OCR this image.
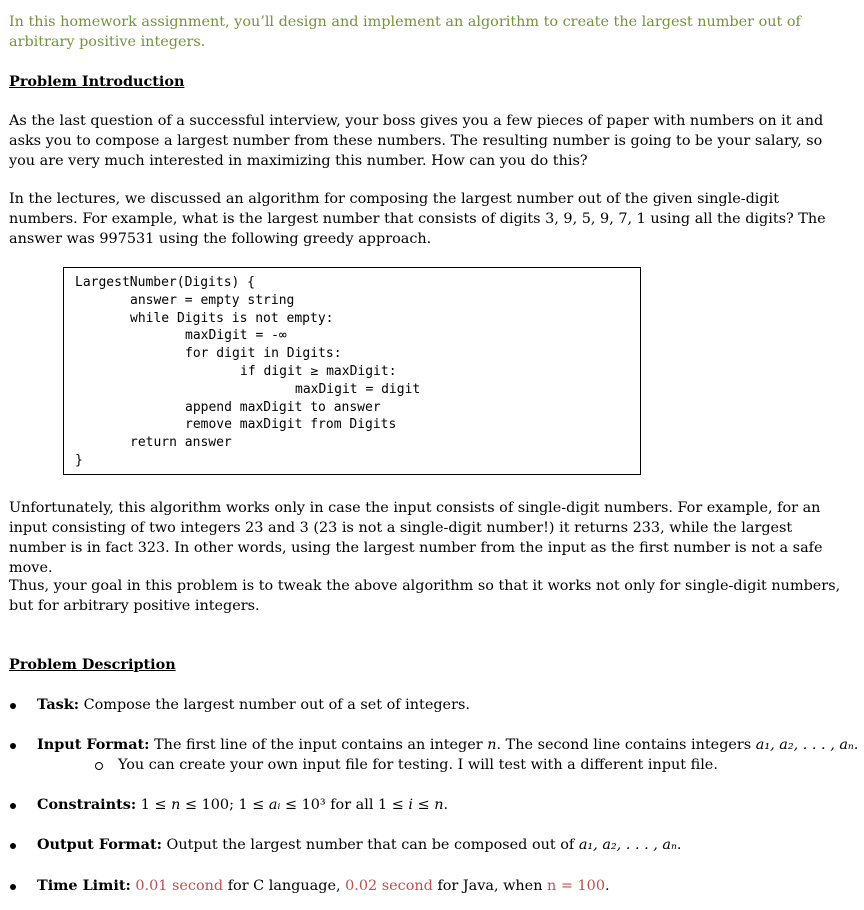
In this homework assignment, you’ll design and implement an algorithm to create the largest number out of arbitrary positive integers.

Problem Introduction

As the last question of a successful interview, your boss gives you a few pieces of paper with numbers on it and asks you to compose a largest number from these numbers. The resulting number is going to be your salary, so you are very much interested in maximizing this number. How can you do this?

In the lectures, we discussed an algorithm for composing the largest number out of the given single-digit numbers. For example, what is the largest number that consists of digits 3, 9, 5, 9, 7, 1 using all the digits? The answer was 997531 using the following greedy approach.

LargestNumber(Digits) {
answer = empty string
while Digits is not empty:
maxDigit = -∞
for digit in Digits:
if digit ≥ maxDigit:
maxDigit = digit
append maxDigit to answer
remove maxDigit from Digits
return answer
}

Unfortunately, this algorithm works only in case the input consists of single-digit numbers. For example, for an input consisting of two integers 23 and 3 (23 is not a single-digit number!) it returns 233, while the largest number is in fact 323. In other words, using the largest number from the input as the first number is not a safe move.

Thus, your goal in this problem is to tweak the above algorithm so that it works not only for single-digit numbers, but for arbitrary positive integers.

Problem Description

Task: Compose the largest number out of a set of integers.
Input Format: The first line of the input contains an integer n. The second line contains integers a₁, a₂, . . . , aₙ.
You can create your own input file for testing. I will test with a different input file.
Constraints: 1 ≤ n ≤ 100; 1 ≤ aᵢ ≤ 10³ for all 1 ≤ i ≤ n.
Output Format: Output the largest number that can be composed out of a₁, a₂, . . . , aₙ.
Time Limit: 0.01 second for C language, 0.02 second for Java, when n = 100.
